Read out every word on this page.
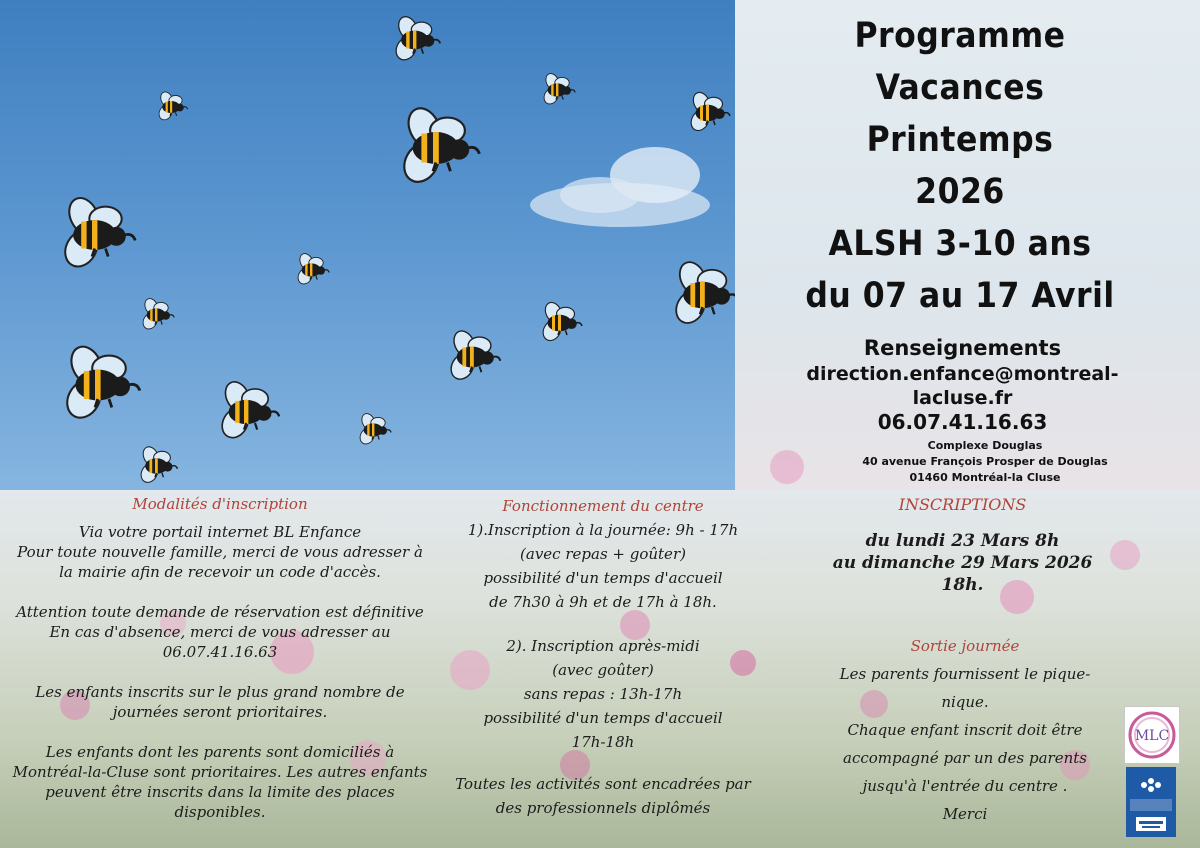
Programme
Vacances Printemps
2026
ALSH 3-10 ans
du 07 au 17 Avril
Renseignements
direction.enfance@montreal-lacluse.fr
06.07.41.16.63
Complexe Douglas
40 avenue François Prosper de Douglas
01460 Montréal-la Cluse
Modalités d'inscription
Via votre portail internet BL Enfance
Pour toute nouvelle famille, merci de vous adresser à la mairie afin de recevoir un code d'accès.
Attention toute demande de réservation est définitive
En cas d'absence, merci de vous adresser au 06.07.41.16.63
Les enfants inscrits sur le plus grand nombre de journées seront prioritaires.
Les enfants dont les parents sont domiciliés à Montréal-la-Cluse sont prioritaires. Les autres enfants peuvent être inscrits dans la limite des places disponibles.
Fonctionnement du centre
1).Inscription à la journée: 9h - 17h
(avec repas + goûter)
possibilité d'un temps d'accueil
de 7h30 à 9h et de 17h à 18h.
2). Inscription après-midi
(avec goûter)
sans repas : 13h-17h
possibilité d'un temps d'accueil
17h-18h
Toutes les activités sont encadrées par des professionnels diplômés
INSCRIPTIONS
du lundi 23 Mars 8h
au dimanche 29 Mars 2026
18h.
Sortie journée
Les parents fournissent le pique-nique.
Chaque enfant inscrit doit être accompagné par un des parents jusqu'à l'entrée du centre .
Merci
MLC
